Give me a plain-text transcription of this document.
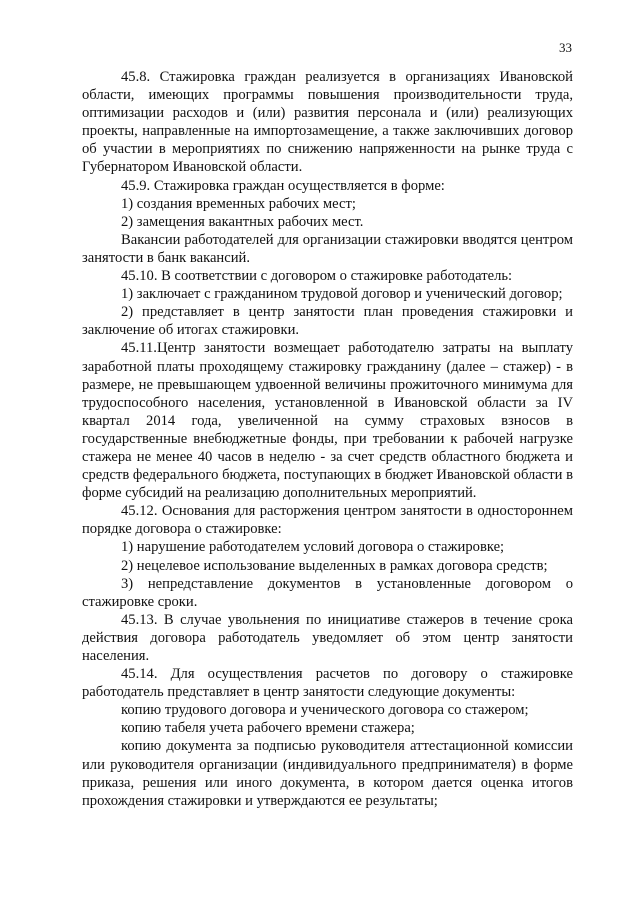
33

45.8. Стажировка граждан реализуется в организациях Ивановской области, имеющих программы повышения производительности труда, оптимизации расходов и (или) развития персонала и (или) реализующих проекты, направленные на импортозамещение, а также заключивших договор об участии в мероприятиях по снижению напряженности на рынке труда с Губернатором Ивановской области.

45.9. Стажировка граждан осуществляется в форме:

1) создания временных рабочих мест;

2) замещения вакантных рабочих мест.

Вакансии работодателей для организации стажировки вводятся центром занятости в банк вакансий.

45.10. В соответствии с договором о стажировке работодатель:

1) заключает с гражданином трудовой договор и ученический договор;

2) представляет в центр занятости план проведения стажировки и заключение об итогах стажировки.

45.11.Центр занятости возмещает работодателю затраты на выплату заработной платы проходящему стажировку гражданину (далее – стажер) - в размере, не превышающем удвоенной величины прожиточного минимума для трудоспособного населения, установленной в Ивановской области за IV квартал 2014 года, увеличенной на сумму страховых взносов в государственные внебюджетные фонды, при требовании к рабочей нагрузке стажера не менее 40 часов в неделю - за счет средств областного бюджета и средств федерального бюджета, поступающих в бюджет Ивановской области в форме субсидий на реализацию дополнительных мероприятий.

45.12. Основания для расторжения центром занятости в одностороннем порядке договора о стажировке:

1) нарушение работодателем условий договора о стажировке;

2) нецелевое использование выделенных в рамках договора средств;

3) непредставление документов в установленные договором о стажировке сроки.

45.13. В случае увольнения по инициативе стажеров в течение срока действия договора работодатель уведомляет об этом центр занятости населения.

45.14. Для осуществления расчетов по договору о стажировке работодатель представляет в центр занятости следующие документы:

копию трудового договора и ученического договора со стажером;

копию табеля учета рабочего времени стажера;

копию документа за подписью руководителя аттестационной комиссии или руководителя организации (индивидуального предпринимателя) в форме приказа, решения или иного документа, в котором дается оценка итогов прохождения стажировки и утверждаются ее результаты;
